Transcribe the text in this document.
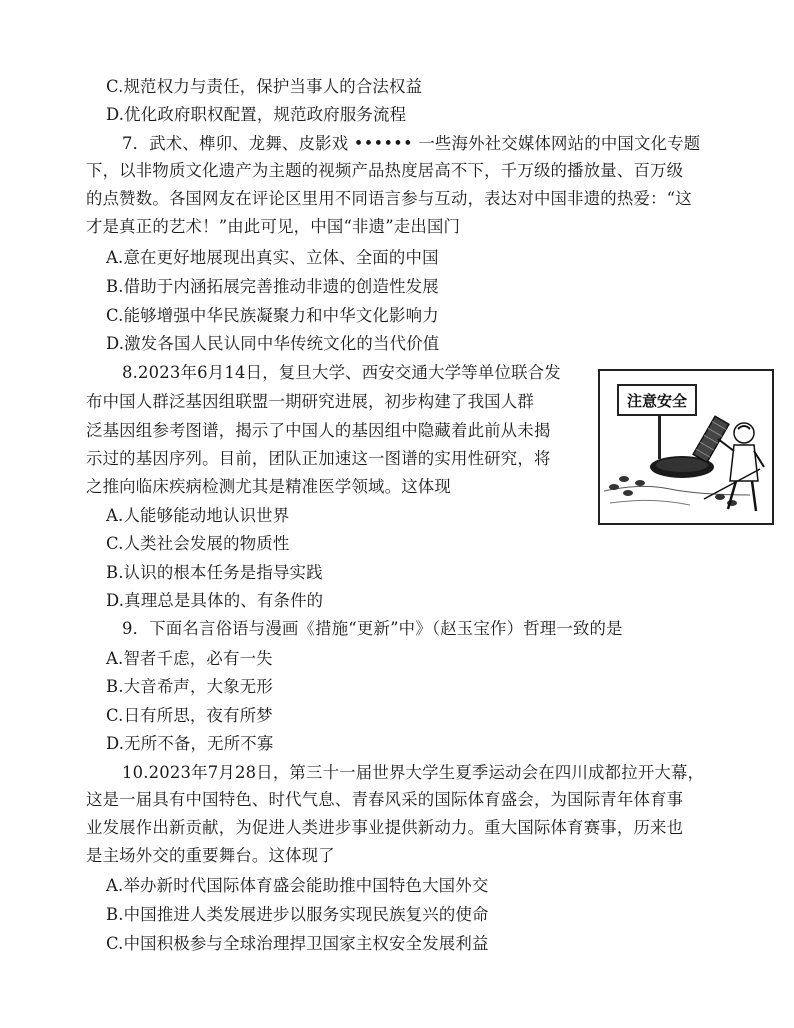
C.规范权力与责任，保护当事人的合法权益
D.优化政府职权配置，规范政府服务流程
7．武术、榫卯、龙舞、皮影戏 •••••• 一些海外社交媒体网站的中国文化专题
下，以非物质文化遗产为主题的视频产品热度居高不下，千万级的播放量、百万级
的点赞数。各国网友在评论区里用不同语言参与互动，表达对中国非遗的热爱：“这
才是真正的艺术！”由此可见，中国“非遗”走出国门
A.意在更好地展现出真实、立体、全面的中国
B.借助于内涵拓展完善推动非遗的创造性发展
C.能够增强中华民族凝聚力和中华文化影响力
D.激发各国人民认同中华传统文化的当代价值
8.2023年6月14日，复旦大学、西安交通大学等单位联合发
布中国人群泛基因组联盟一期研究进展，初步构建了我国人群
泛基因组参考图谱，揭示了中国人的基因组中隐藏着此前从未揭
示过的基因序列。目前，团队正加速这一图谱的实用性研究，将
之推向临床疾病检测尤其是精准医学领域。这体现
A.人能够能动地认识世界
C.人类社会发展的物质性
B.认识的根本任务是指导实践
D.真理总是具体的、有条件的
注意安全
9．下面名言俗语与漫画《措施“更新”中》（赵玉宝作）哲理一致的是
A.智者千虑，必有一失
B.大音希声，大象无形
C.日有所思，夜有所梦
D.无所不备，无所不寡
10.2023年7月28日，第三十一届世界大学生夏季运动会在四川成都拉开大幕，
这是一届具有中国特色、时代气息、青春风采的国际体育盛会，为国际青年体育事
业发展作出新贡献，为促进人类进步事业提供新动力。重大国际体育赛事，历来也
是主场外交的重要舞台。这体现了
A.举办新时代国际体育盛会能助推中国特色大国外交
B.中国推进人类发展进步以服务实现民族复兴的使命
C.中国积极参与全球治理捍卫国家主权安全发展利益
